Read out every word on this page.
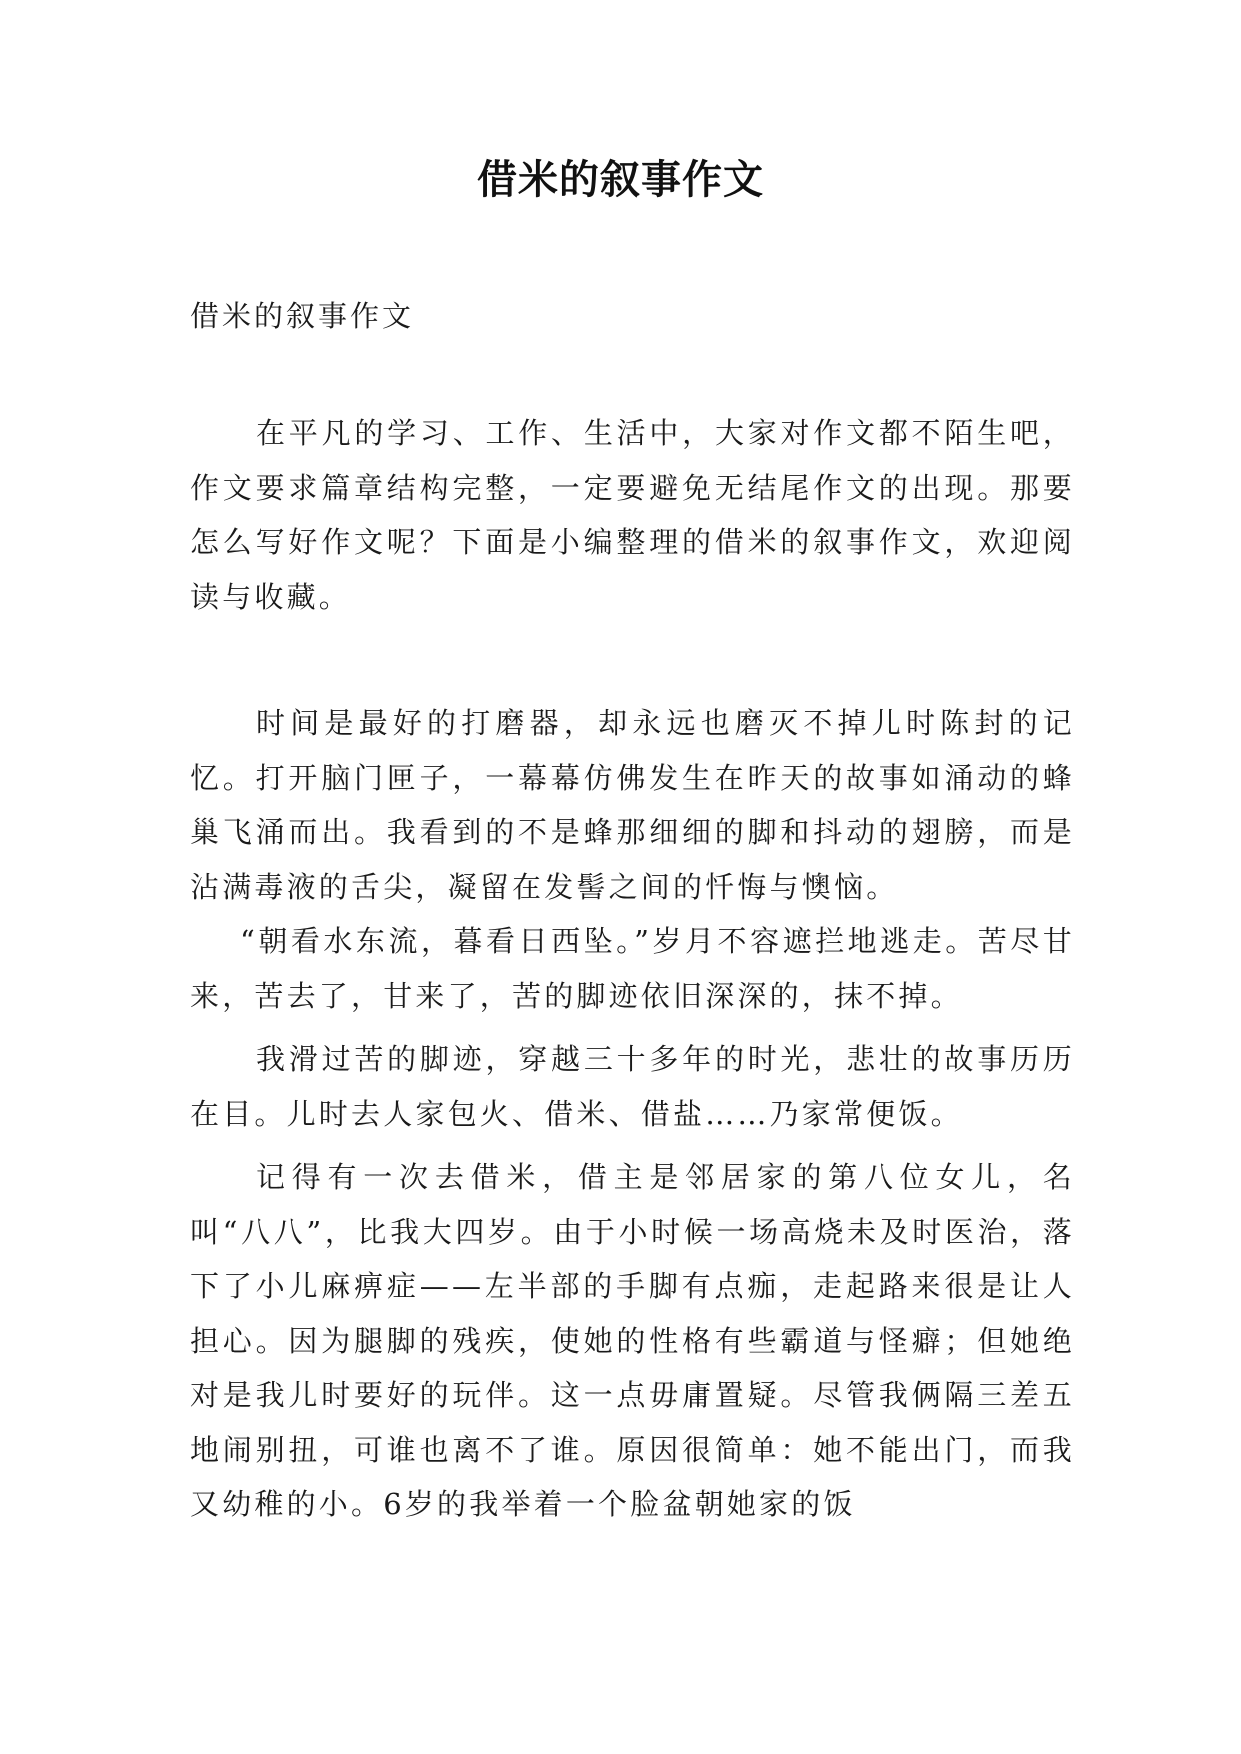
借米的叙事作文
借米的叙事作文

在平凡的学习、工作、生活中，大家对作文都不陌生吧，作文要求篇章结构完整，一定要避免无结尾作文的出现。那要怎么写好作文呢？下面是小编整理的借米的叙事作文，欢迎阅读与收藏。

时间是最好的打磨器，却永远也磨灭不掉儿时陈封的记忆。打开脑门匣子，一幕幕仿佛发生在昨天的故事如涌动的蜂巢飞涌而出。我看到的不是蜂那细细的脚和抖动的翅膀，而是沾满毒液的舌尖，凝留在发髻之间的忏悔与懊恼。

“朝看水东流，暮看日西坠。”岁月不容遮拦地逃走。苦尽甘来，苦去了，甘来了，苦的脚迹依旧深深的，抹不掉。

我滑过苦的脚迹，穿越三十多年的时光，悲壮的故事历历在目。儿时去人家包火、借米、借盐……乃家常便饭。

记得有一次去借米，借主是邻居家的第八位女儿，名叫“八八”，比我大四岁。由于小时候一场高烧未及时医治，落下了小儿麻痹症——左半部的手脚有点痂，走起路来很是让人担心。因为腿脚的残疾，使她的性格有些霸道与怪癖；但她绝对是我儿时要好的玩伴。这一点毋庸置疑。尽管我俩隔三差五地闹别扭，可谁也离不了谁。原因很简单：她不能出门，而我又幼稚的小。6岁的我举着一个脸盆朝她家的饭
